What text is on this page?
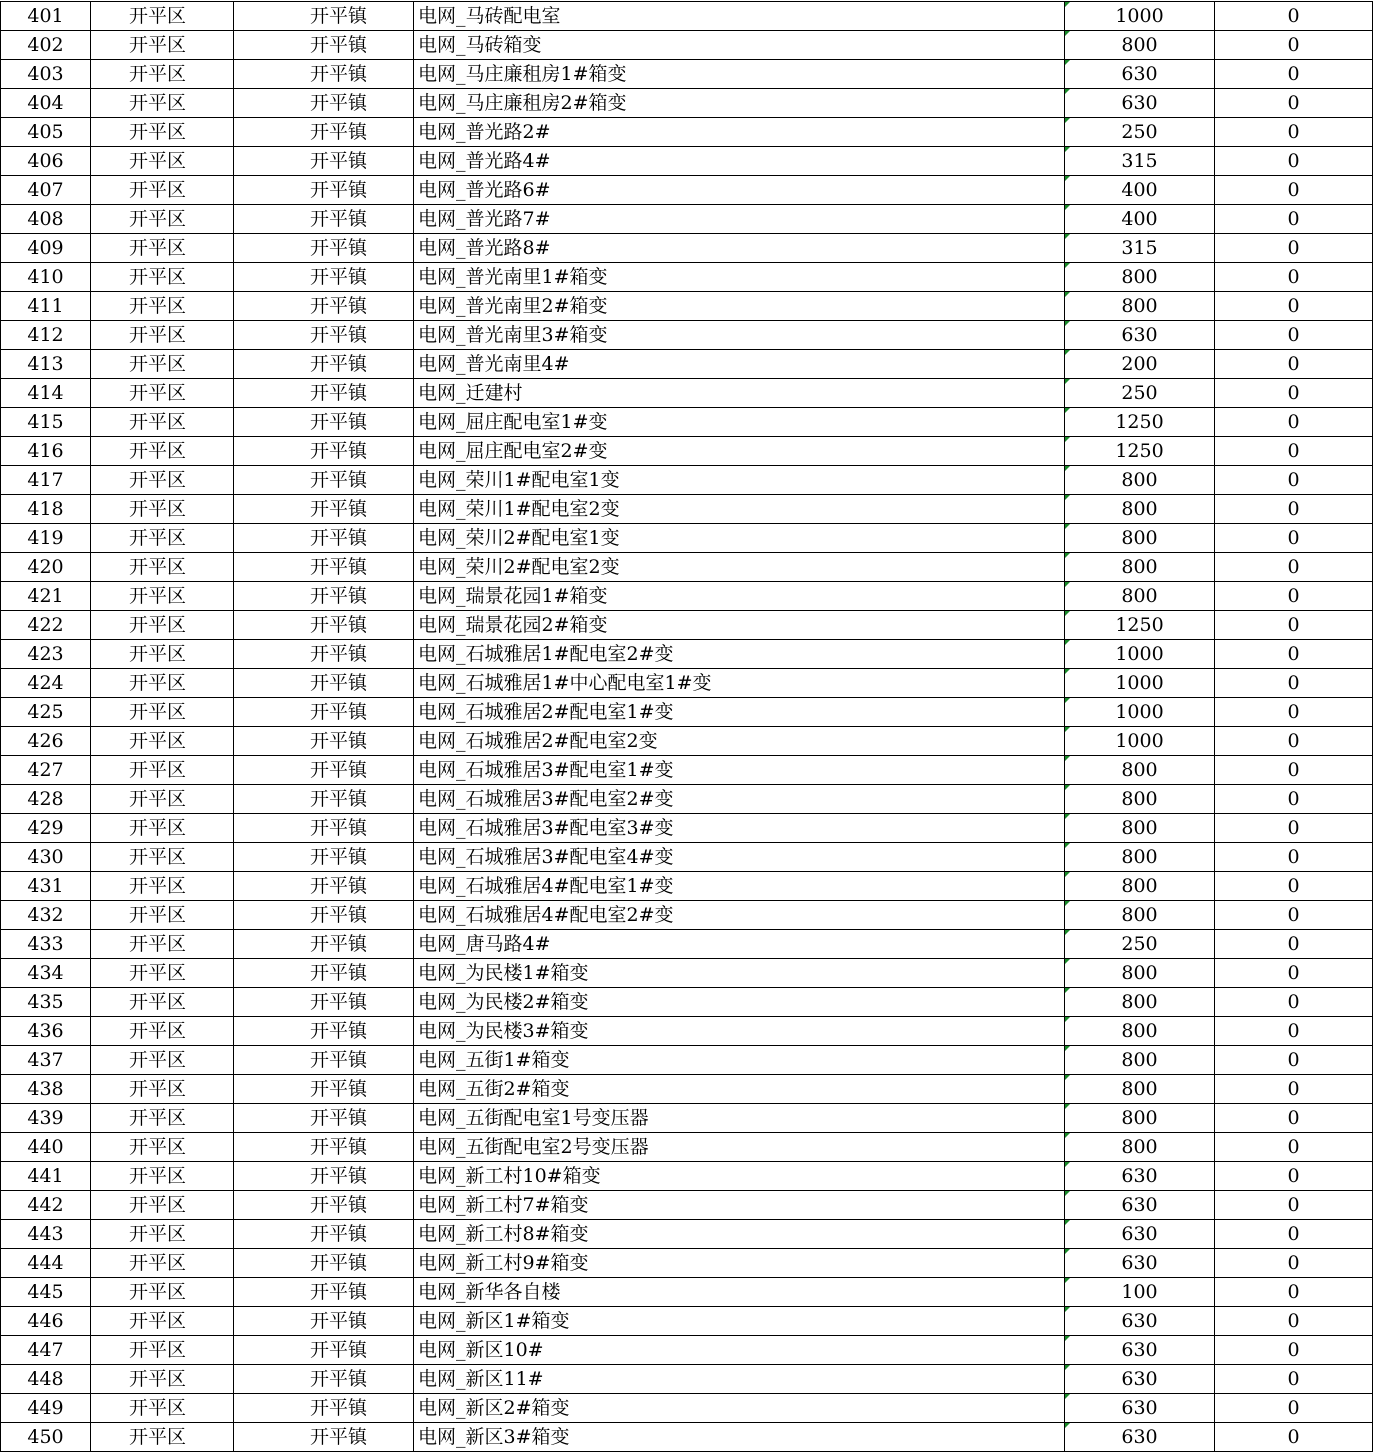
401	开平区	开平镇	电网_马砖配电室	1000	0
402	开平区	开平镇	电网_马砖箱变	800	0
403	开平区	开平镇	电网_马庄廉租房1#箱变	630	0
404	开平区	开平镇	电网_马庄廉租房2#箱变	630	0
405	开平区	开平镇	电网_普光路2#	250	0
406	开平区	开平镇	电网_普光路4#	315	0
407	开平区	开平镇	电网_普光路6#	400	0
408	开平区	开平镇	电网_普光路7#	400	0
409	开平区	开平镇	电网_普光路8#	315	0
410	开平区	开平镇	电网_普光南里1#箱变	800	0
411	开平区	开平镇	电网_普光南里2#箱变	800	0
412	开平区	开平镇	电网_普光南里3#箱变	630	0
413	开平区	开平镇	电网_普光南里4#	200	0
414	开平区	开平镇	电网_迁建村	250	0
415	开平区	开平镇	电网_屈庄配电室1#变	1250	0
416	开平区	开平镇	电网_屈庄配电室2#变	1250	0
417	开平区	开平镇	电网_荣川1#配电室1变	800	0
418	开平区	开平镇	电网_荣川1#配电室2变	800	0
419	开平区	开平镇	电网_荣川2#配电室1变	800	0
420	开平区	开平镇	电网_荣川2#配电室2变	800	0
421	开平区	开平镇	电网_瑞景花园1#箱变	800	0
422	开平区	开平镇	电网_瑞景花园2#箱变	1250	0
423	开平区	开平镇	电网_石城雅居1#配电室2#变	1000	0
424	开平区	开平镇	电网_石城雅居1#中心配电室1#变	1000	0
425	开平区	开平镇	电网_石城雅居2#配电室1#变	1000	0
426	开平区	开平镇	电网_石城雅居2#配电室2变	1000	0
427	开平区	开平镇	电网_石城雅居3#配电室1#变	800	0
428	开平区	开平镇	电网_石城雅居3#配电室2#变	800	0
429	开平区	开平镇	电网_石城雅居3#配电室3#变	800	0
430	开平区	开平镇	电网_石城雅居3#配电室4#变	800	0
431	开平区	开平镇	电网_石城雅居4#配电室1#变	800	0
432	开平区	开平镇	电网_石城雅居4#配电室2#变	800	0
433	开平区	开平镇	电网_唐马路4#	250	0
434	开平区	开平镇	电网_为民楼1#箱变	800	0
435	开平区	开平镇	电网_为民楼2#箱变	800	0
436	开平区	开平镇	电网_为民楼3#箱变	800	0
437	开平区	开平镇	电网_五街1#箱变	800	0
438	开平区	开平镇	电网_五街2#箱变	800	0
439	开平区	开平镇	电网_五街配电室1号变压器	800	0
440	开平区	开平镇	电网_五街配电室2号变压器	800	0
441	开平区	开平镇	电网_新工村10#箱变	630	0
442	开平区	开平镇	电网_新工村7#箱变	630	0
443	开平区	开平镇	电网_新工村8#箱变	630	0
444	开平区	开平镇	电网_新工村9#箱变	630	0
445	开平区	开平镇	电网_新华各自楼	100	0
446	开平区	开平镇	电网_新区1#箱变	630	0
447	开平区	开平镇	电网_新区10#	630	0
448	开平区	开平镇	电网_新区11#	630	0
449	开平区	开平镇	电网_新区2#箱变	630	0
450	开平区	开平镇	电网_新区3#箱变	630	0
